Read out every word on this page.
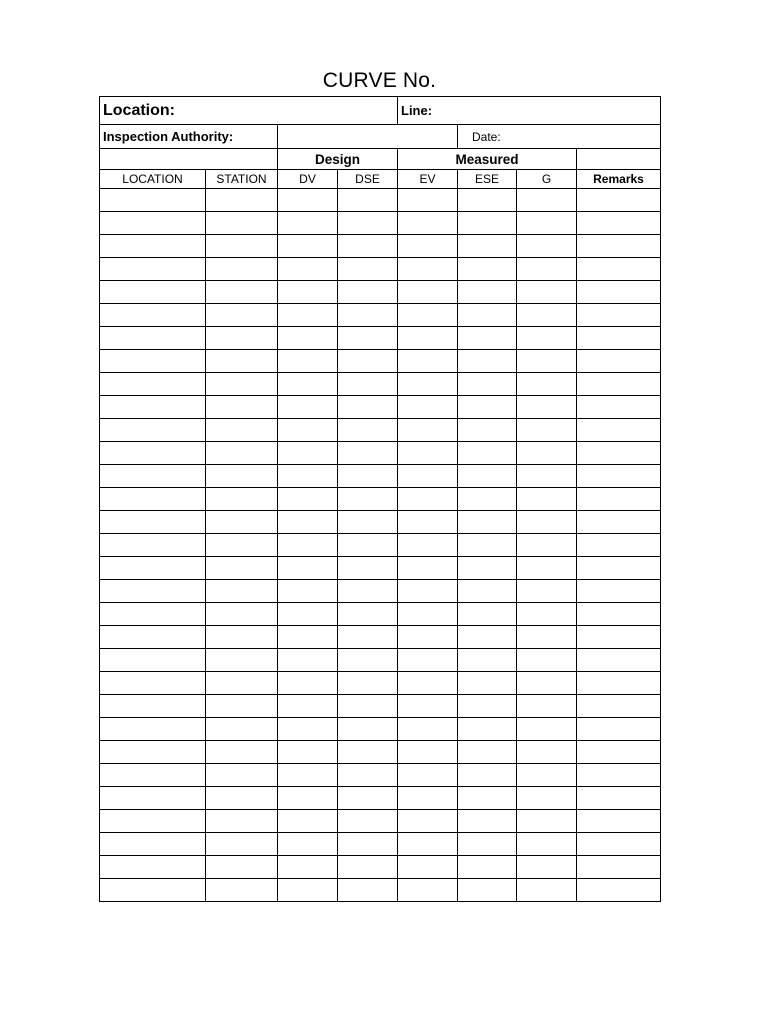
CURVE No.
Location:				Line:			
Inspection Authority:					Date:		
		Design		Measured			
LOCATION	STATION	DV	DSE	EV	ESE	G	Remarks
